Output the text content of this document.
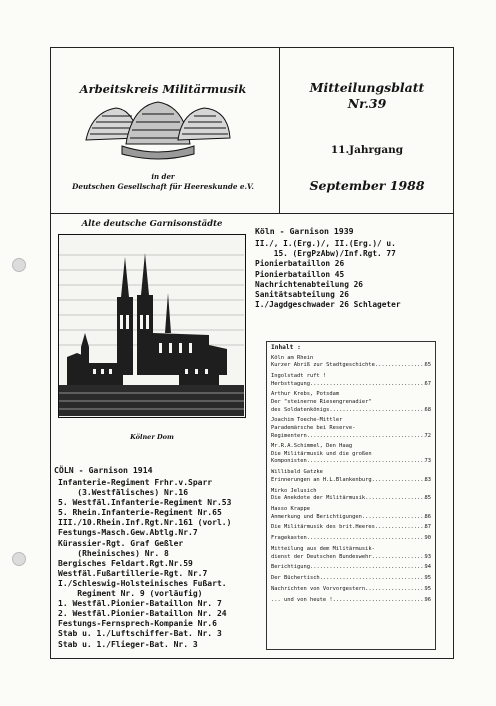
Arbeitskreis Militärmusik
in der
Deutschen Gesellschaft für Heereskunde e.V.
Mitteilungsblatt
Nr.39
11.Jahrgang
September 1988
Alte deutsche Garnisonstädte
Kölner Dom
Köln - Garnison 1939
II./, I.(Erg.)/, II.(Erg.)/ u.
15. (ErgPzAbw)/Inf.Rgt. 77
Pionierbataillon 26
Pionierbataillon 45
Nachrichtenabteilung 26
Sanitätsabteilung 26
I./Jagdgeschwader 26 Schlageter
CÖLN - Garnison 1914
Infanterie-Regiment Frhr.v.Sparr
(3.Westfälisches) Nr.16
5. Westfäl.Infanterie-Regiment Nr.53
5. Rhein.Infanterie-Regiment Nr.65
III./10.Rhein.Inf.Rgt.Nr.161 (vorl.)
Festungs-Masch.Gew.Abtlg.Nr.7
Kürassier-Rgt. Graf Geßler
(Rheinisches) Nr. 8
Bergisches Feldart.Rgt.Nr.59
Westfäl.Fußartillerie-Rgt. Nr.7
I./Schleswig-Holsteinisches Fußart.
Regiment Nr. 9 (vorläufig)
1. Westfäl.Pionier-Bataillon Nr. 7
2. Westfäl.Pionier-Bataillon Nr. 24
Festungs-Fernsprech-Kompanie Nr.6
Stab u. 1./Luftschiffer-Bat. Nr. 3
Stab u. 1./Flieger-Bat. Nr. 3
Inhalt :
Köln am Rhein
Kurzer Abriß zur Stadtgeschichte .....	65
Ingolstadt ruft !
Herbsttagung .....	67
Arthur Krebs, Potsdam
Der "steinerne Riesengrenadier"
des Soldatenkönigs .....	68
Joachim Toeche-Mittler
Parademärsche bei Reserve-
Regimentern .....	72
Mr.R.A.Schimmel, Den Haag
Die Militärmusik und die großen
Komponisten .....	73
Willibald Gatzke
Erinnerungen an H.L.Blankenburg .....	83
Mirko Jelusich
Die Anekdote der Militärmusik .....	85
Hasso Krappe
Anmerkung und Berichtigungen .....	86
Die Militärmusik des brit.Heeres .....	87
Fragekasten .....	90
Mitteilung aus dem Militärmusik-
dienst der Deutschen Bundeswehr .....	93
Berichtigung .....	94
Der Büchertisch .....	95
Nachrichten von Vorvorgestern .....	95
... und von heute ! .....	96
